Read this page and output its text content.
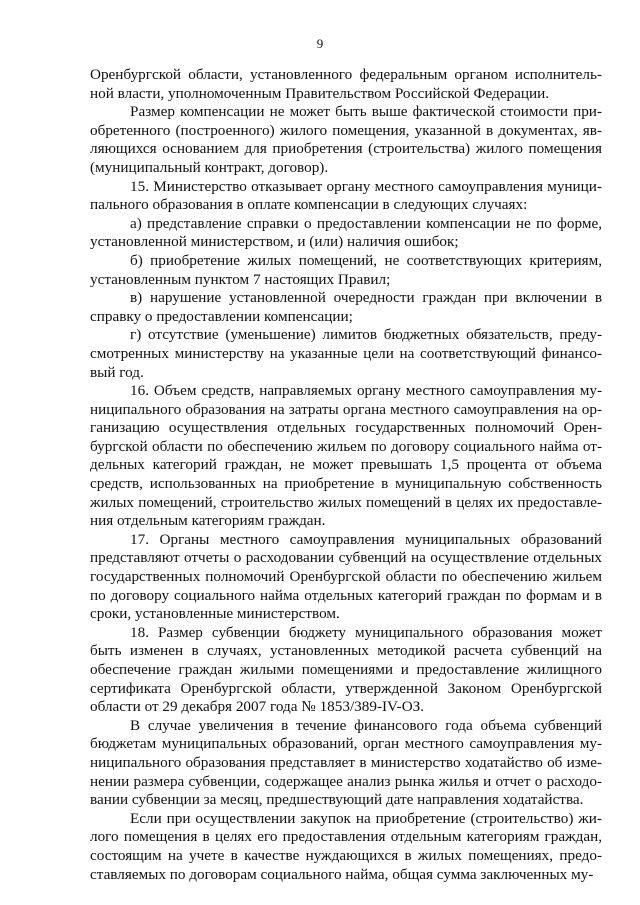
9

Оренбургской области, установленного федеральным органом исполнительной власти, уполномоченным Правительством Российской Федерации.

Размер компенсации не может быть выше фактической стоимости приобретенного (построенного) жилого помещения, указанной в документах, являющихся основанием для приобретения (строительства) жилого помещения (муниципальный контракт, договор).

15. Министерство отказывает органу местного самоуправления муниципального образования в оплате компенсации в следующих случаях:

а) представление справки о предоставлении компенсации не по форме, установленной министерством, и (или) наличия ошибок;

б) приобретение жилых помещений, не соответствующих критериям, установленным пунктом 7 настоящих Правил;

в) нарушение установленной очередности граждан при включении в справку о предоставлении компенсации;

г) отсутствие (уменьшение) лимитов бюджетных обязательств, предусмотренных министерству на указанные цели на соответствующий финансовый год.

16. Объем средств, направляемых органу местного самоуправления муниципального образования на затраты органа местного самоуправления на организацию осуществления отдельных государственных полномочий Оренбургской области по обеспечению жильем по договору социального найма отдельных категорий граждан, не может превышать 1,5 процента от объема средств, использованных на приобретение в муниципальную собственность жилых помещений, строительство жилых помещений в целях их предоставления отдельным категориям граждан.

17. Органы местного самоуправления муниципальных образований представляют отчеты о расходовании субвенций на осуществление отдельных государственных полномочий Оренбургской области по обеспечению жильем по договору социального найма отдельных категорий граждан по формам и в сроки, установленные министерством.

18. Размер субвенции бюджету муниципального образования может быть изменен в случаях, установленных методикой расчета субвенций на обеспечение граждан жилыми помещениями и предоставление жилищного сертификата Оренбургской области, утвержденной Законом Оренбургской области от 29 декабря 2007 года № 1853/389-IV-ОЗ.

В случае увеличения в течение финансового года объема субвенций бюджетам муниципальных образований, орган местного самоуправления муниципального образования представляет в министерство ходатайство об изменении размера субвенции, содержащее анализ рынка жилья и отчет о расходовании субвенции за месяц, предшествующий дате направления ходатайства.

Если при осуществлении закупок на приобретение (строительство) жилого помещения в целях его предоставления отдельным категориям граждан, состоящим на учете в качестве нуждающихся в жилых помещениях, предоставляемых по договорам социального найма, общая сумма заключенных му-
